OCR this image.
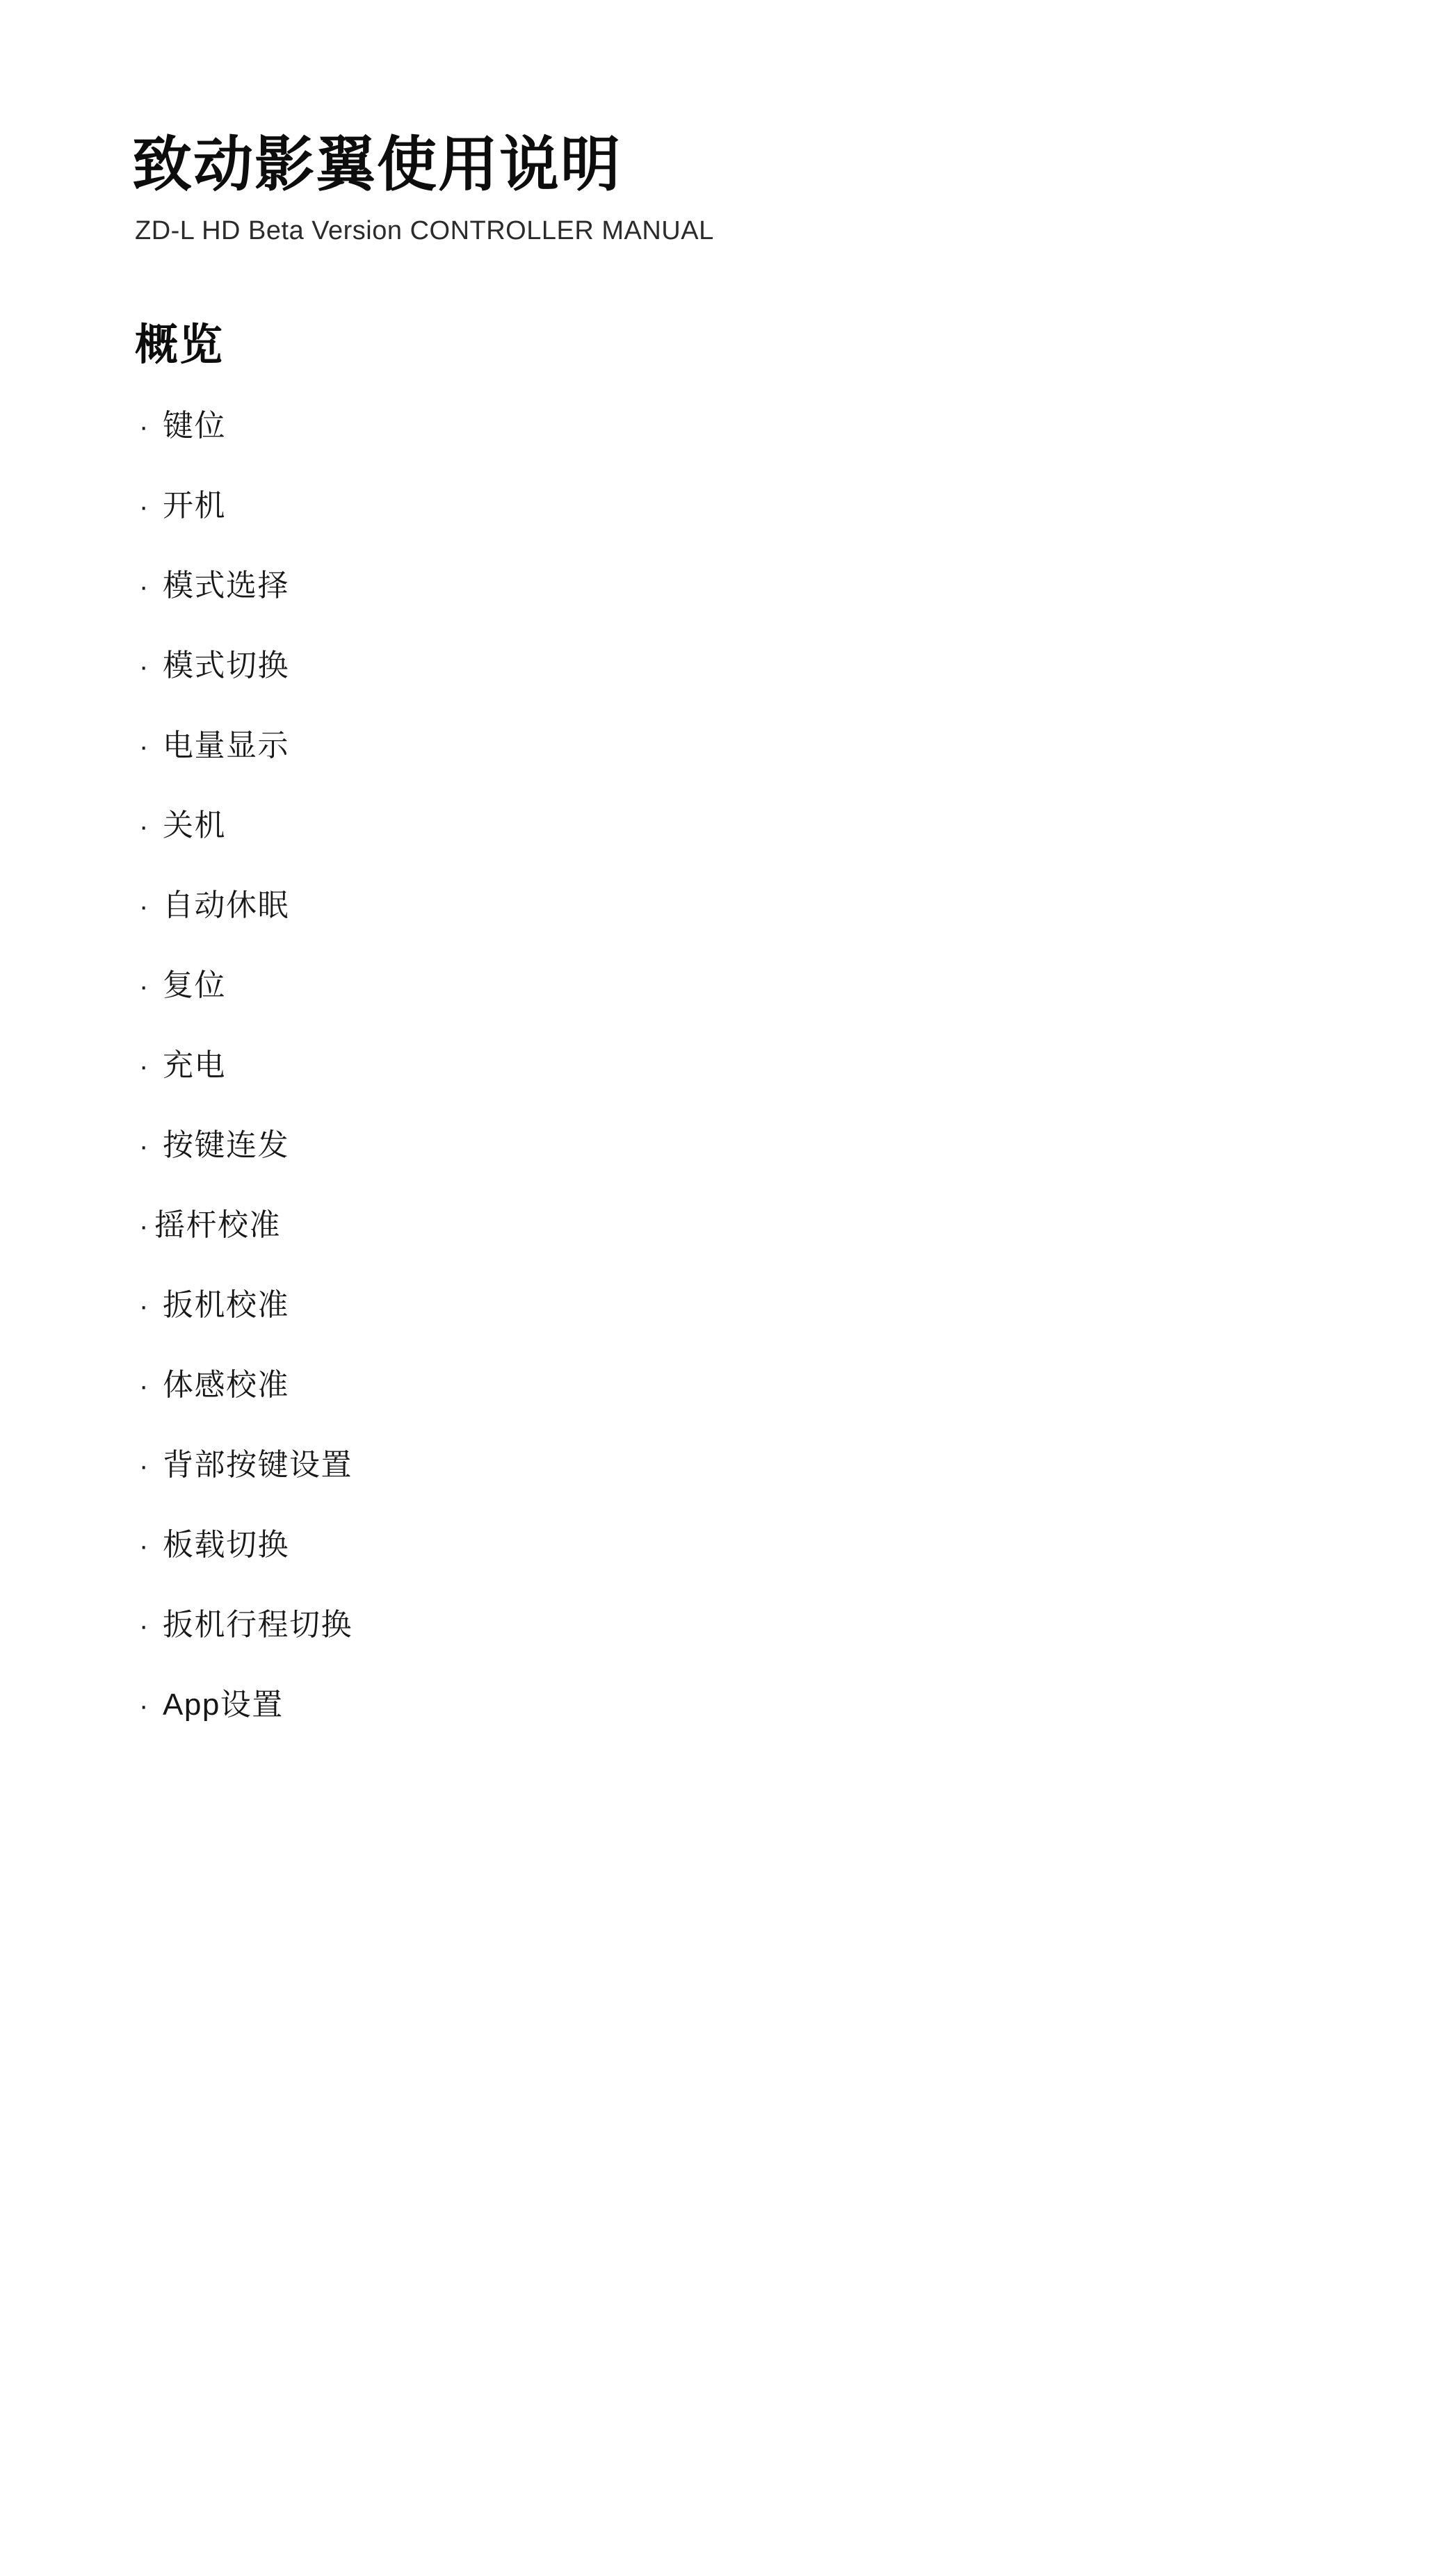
致动影翼使用说明
ZD-L HD Beta Version CONTROLLER MANUAL
概览
· 键位
· 开机
· 模式选择
· 模式切换
· 电量显示
· 关机
· 自动休眠
· 复位
· 充电
· 按键连发
· 摇杆校准
· 扳机校准
· 体感校准
· 背部按键设置
· 板载切换
· 扳机行程切换
· App设置
